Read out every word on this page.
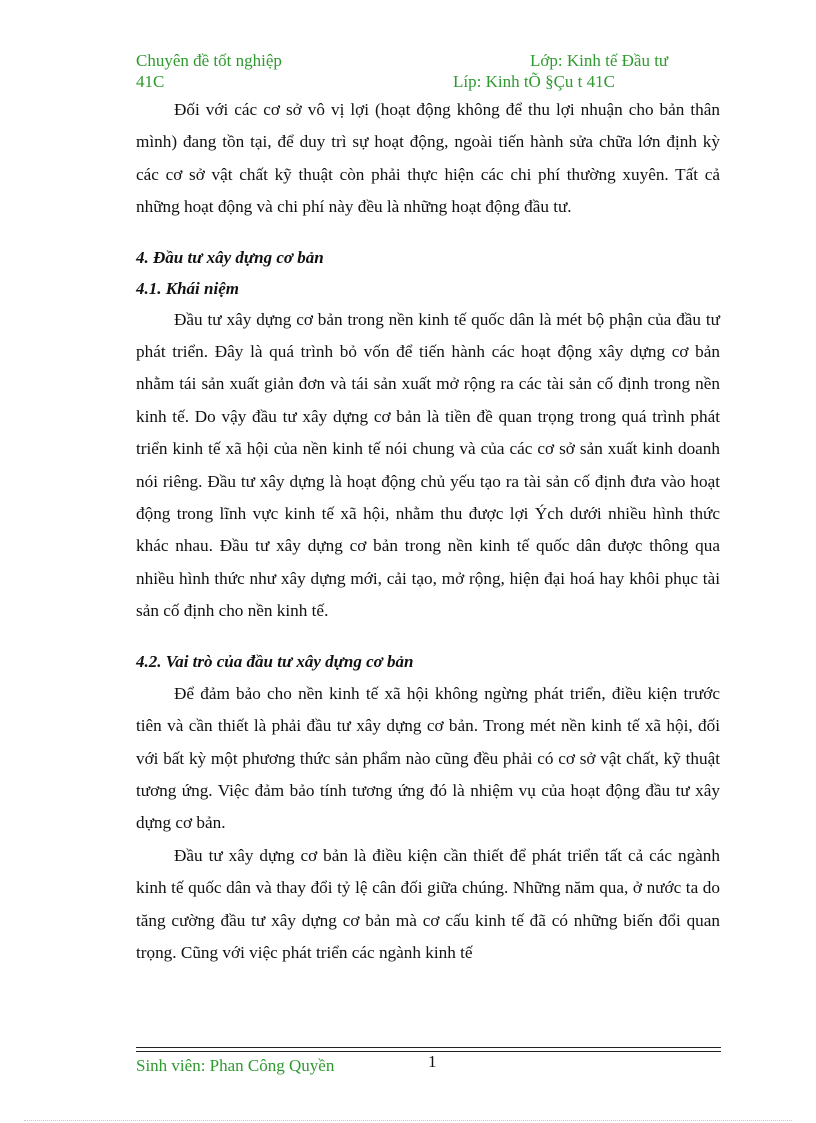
Chuyên đề tốt nghiệp
41C
Lớp: Kinh tế Đầu tư
Líp: Kinh tÕ §Çu t 41C

Đối với các cơ sở vô vị lợi (hoạt động không để thu lợi nhuận cho bản thân mình) đang tồn tại, để duy trì sự hoạt động, ngoài tiến hành sửa chữa lớn định kỳ các cơ sở vật chất kỹ thuật còn phải thực hiện các chi phí thường xuyên. Tất cả những hoạt động và chi phí này đều là những hoạt động đầu tư.

4. Đầu tư xây dựng cơ bản
4.1. Khái niệm

Đầu tư xây dựng cơ bản trong nền kinh tế quốc dân là mét bộ phận của đầu tư phát triển. Đây là quá trình bỏ vốn để tiến hành các hoạt động xây dựng cơ bản nhằm tái sản xuất giản đơn và tái sản xuất mở rộng ra các tài sản cố định trong nền kinh tế. Do vậy đầu tư xây dựng cơ bản là tiền đề quan trọng trong quá trình phát triển kinh tế xã hội của nền kinh tế nói chung và của các cơ sở sản xuất kinh doanh nói riêng. Đầu tư xây dựng là hoạt động chủ yếu tạo ra tài sản cố định đưa vào hoạt động trong lĩnh vực kinh tế xã hội, nhằm thu được lợi Ých dưới nhiều hình thức khác nhau. Đầu tư xây dựng cơ bản trong nền kinh tế quốc dân được thông qua nhiều hình thức như xây dựng mới, cải tạo, mở rộng, hiện đại hoá hay khôi phục tài sản cố định cho nền kinh tế.

4.2. Vai trò của đầu tư xây dựng cơ bản

Để đảm bảo cho nền kinh tế xã hội không ngừng phát triển, điều kiện trước tiên và cần thiết là phải đầu tư xây dựng cơ bản. Trong mét nền kinh tế xã hội, đối với bất kỳ một phương thức sản phẩm nào cũng đều phải có cơ sở vật chất, kỹ thuật tương ứng. Việc đảm bảo tính tương ứng đó là nhiệm vụ của hoạt động đầu tư xây dựng cơ bản.

Đầu tư xây dựng cơ bản là điều kiện cần thiết để phát triển tất cả các ngành kinh tế quốc dân và thay đổi tỷ lệ cân đối giữa chúng. Những năm qua, ở nước ta do tăng cường đầu tư xây dựng cơ bản mà cơ cấu kinh tế đã có những biến đổi quan trọng. Cũng với việc phát triển các ngành kinh tế

Sinh viên: Phan Công Quyền	1
